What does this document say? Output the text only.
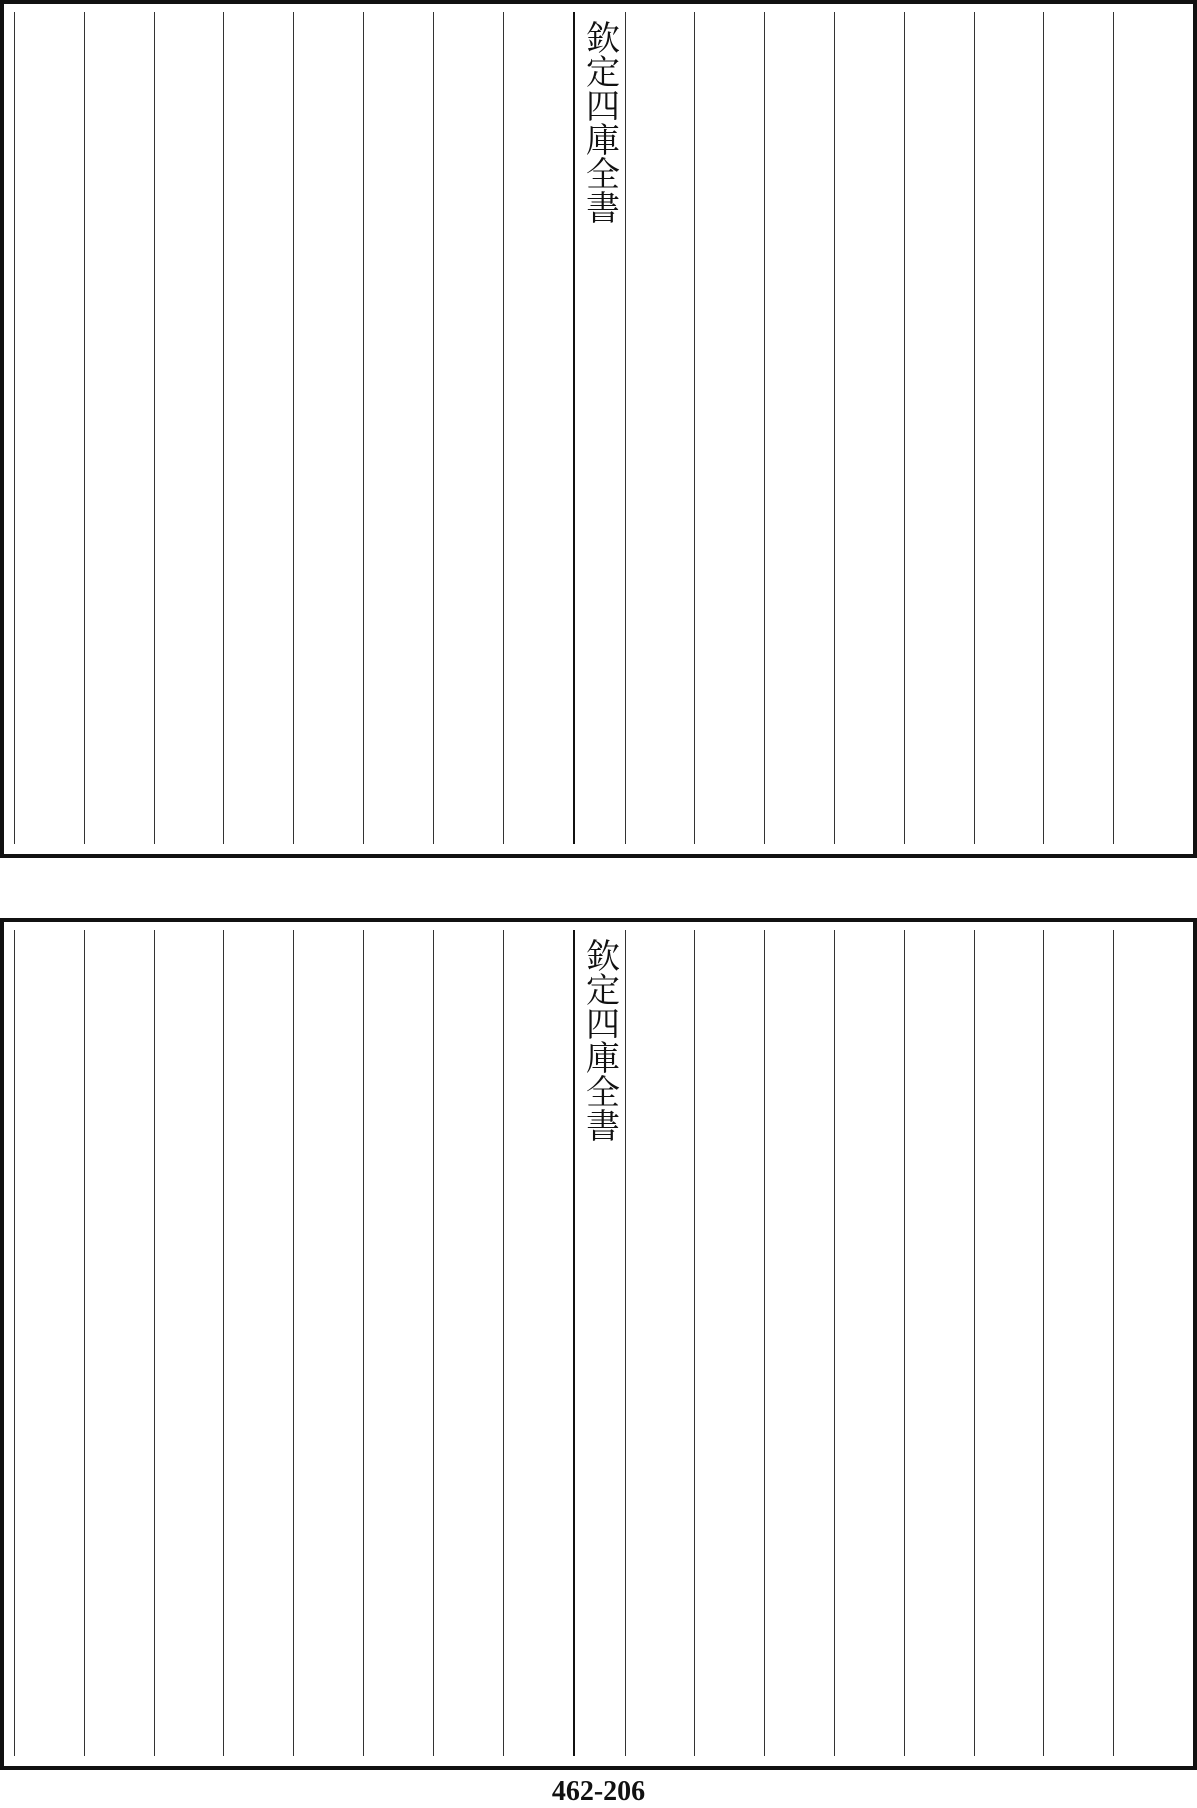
欽定四庫全書
欽定四庫全書
462-206
